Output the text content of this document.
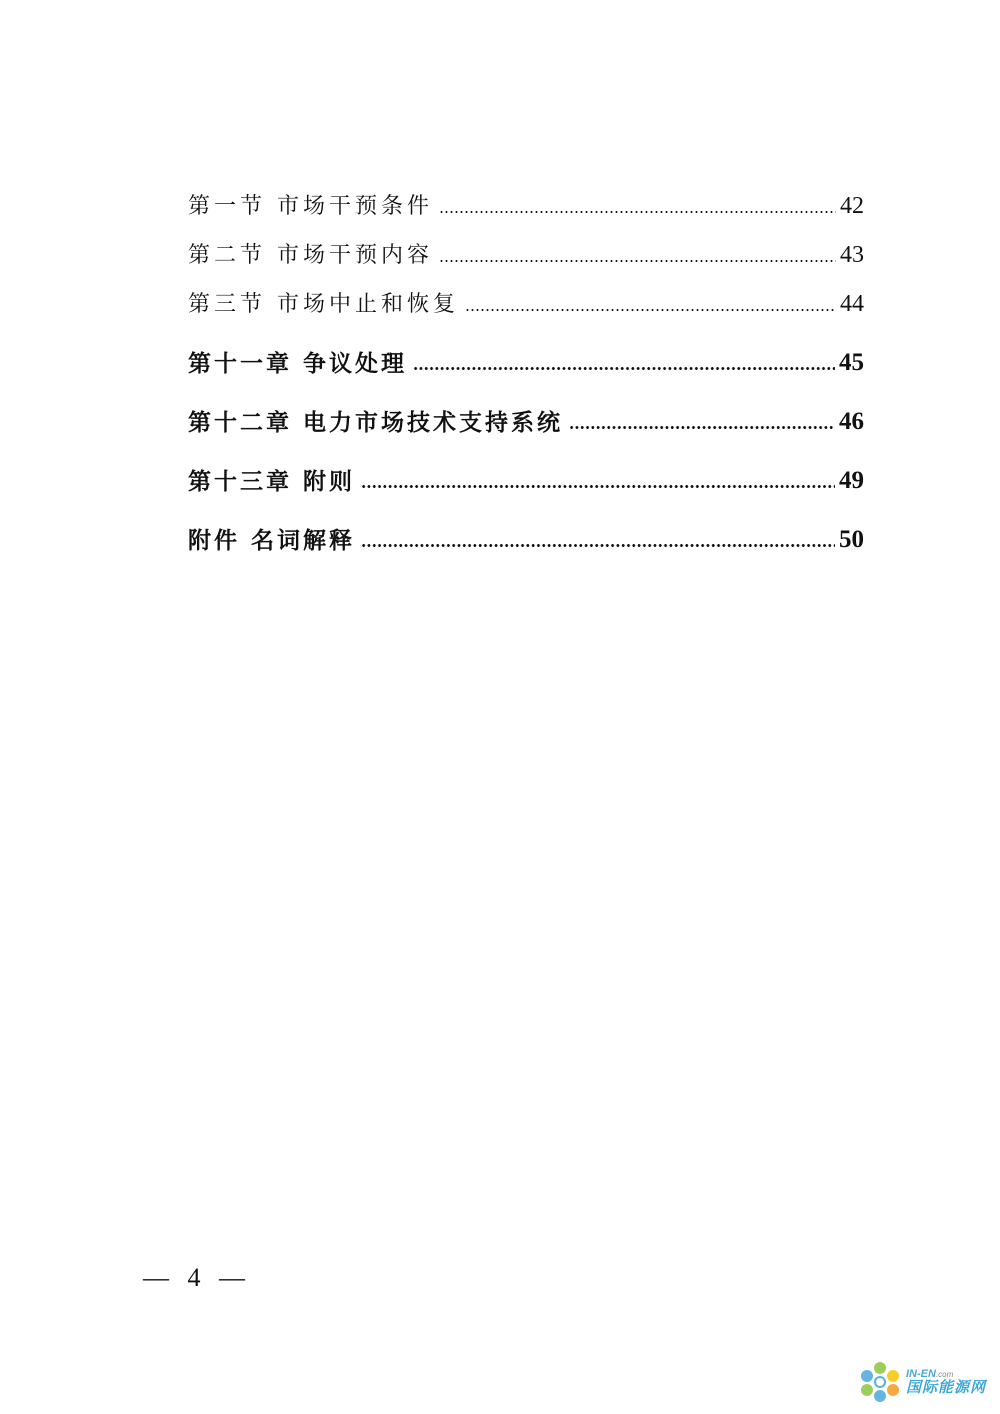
第一节 市场干预条件	42
第二节 市场干预内容	43
第三节 市场中止和恢复	44
第十一章 争议处理	45
第十二章 电力市场技术支持系统	46
第十三章 附则	49
附件 名词解释	50
— 4 —
IN-EN.com
国际能源网
